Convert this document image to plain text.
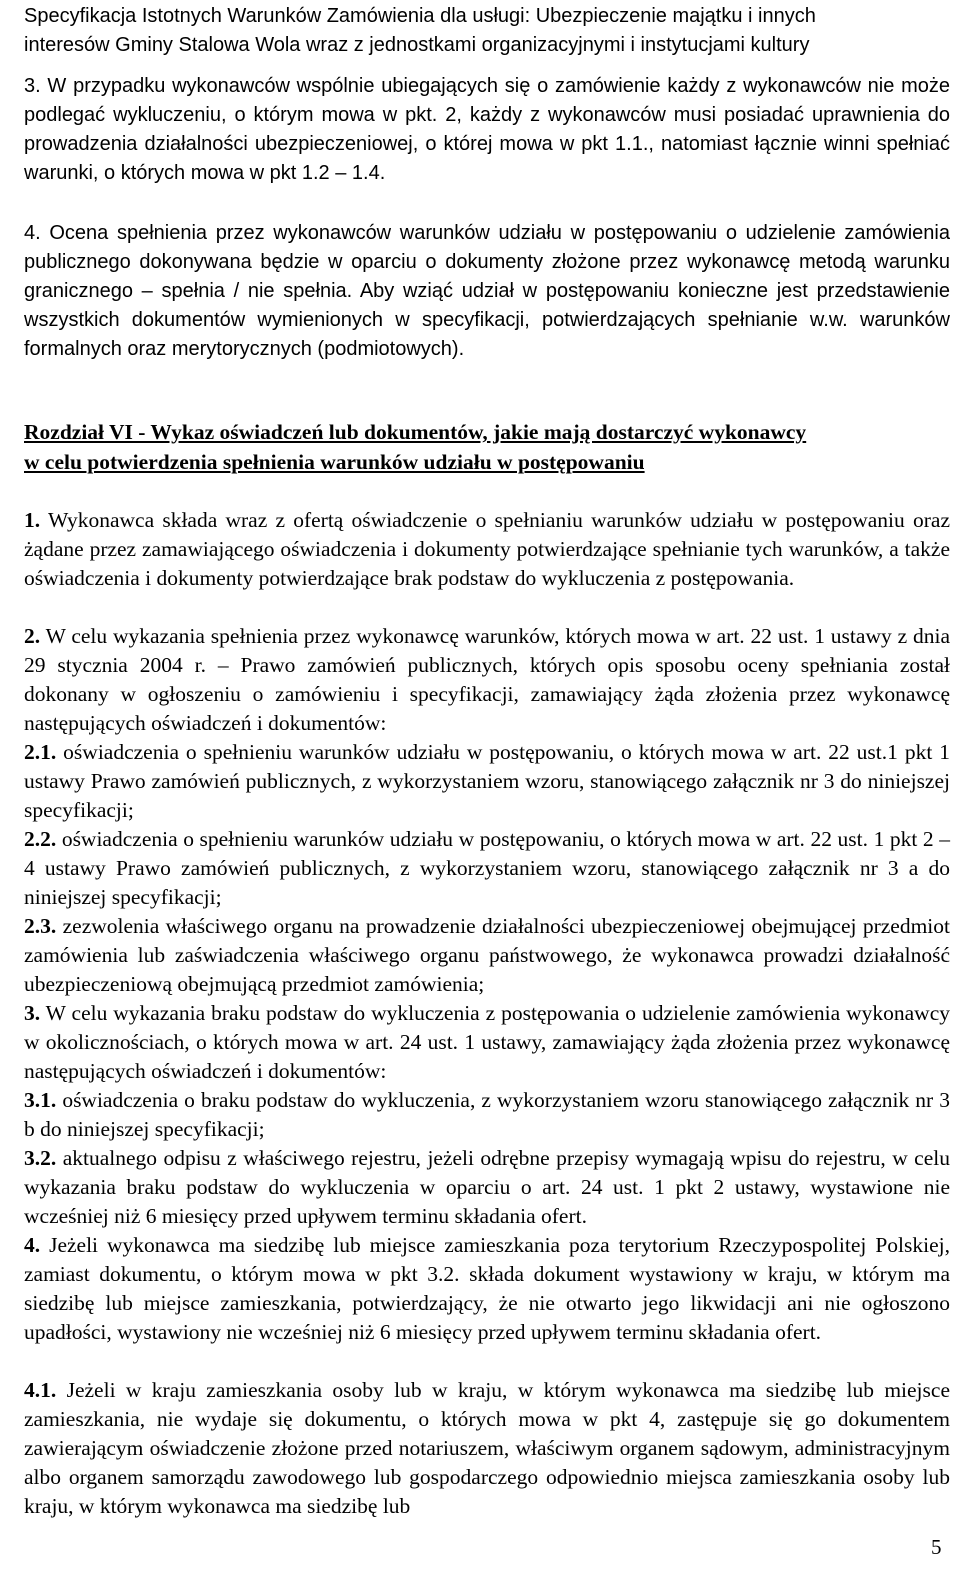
Specyfikacja Istotnych Warunków Zamówienia dla usługi: Ubezpieczenie majątku i innych
interesów Gminy Stalowa Wola wraz z jednostkami organizacyjnymi i instytucjami kultury

3. W przypadku wykonawców wspólnie ubiegających się o zamówienie każdy z wykonawców nie może podlegać wykluczeniu, o którym mowa w pkt. 2, każdy z wykonawców musi posiadać uprawnienia do prowadzenia działalności ubezpieczeniowej, o której mowa w pkt 1.1., natomiast łącznie winni spełniać warunki, o których mowa w pkt 1.2 – 1.4.

4. Ocena spełnienia przez wykonawców warunków udziału w postępowaniu o udzielenie zamówienia publicznego dokonywana będzie w oparciu o dokumenty złożone przez wykonawcę metodą warunku granicznego – spełnia / nie spełnia. Aby wziąć udział w postępowaniu konieczne jest przedstawienie wszystkich dokumentów wymienionych w specyfikacji, potwierdzających spełnianie w.w. warunków formalnych oraz merytorycznych (podmiotowych).

Rozdział VI - Wykaz oświadczeń lub dokumentów, jakie mają dostarczyć wykonawcy
w celu potwierdzenia spełnienia warunków udziału w postępowaniu

1. Wykonawca składa wraz z ofertą oświadczenie o spełnianiu warunków udziału w postępowaniu oraz żądane przez zamawiającego oświadczenia i dokumenty potwierdzające spełnianie tych warunków, a także oświadczenia i dokumenty potwierdzające brak podstaw do wykluczenia z postępowania.

2. W celu wykazania spełnienia przez wykonawcę warunków, których mowa w art. 22 ust. 1 ustawy z dnia 29 stycznia 2004 r. – Prawo zamówień publicznych, których opis sposobu oceny spełniania został dokonany w ogłoszeniu o zamówieniu i specyfikacji, zamawiający żąda złożenia przez wykonawcę następujących oświadczeń i dokumentów:

2.1. oświadczenia o spełnieniu warunków udziału w postępowaniu, o których mowa w art. 22 ust.1 pkt 1 ustawy Prawo zamówień publicznych, z wykorzystaniem wzoru, stanowiącego załącznik nr 3 do niniejszej specyfikacji;

2.2. oświadczenia o spełnieniu warunków udziału w postępowaniu, o których mowa w art. 22 ust. 1 pkt 2 – 4 ustawy Prawo zamówień publicznych, z wykorzystaniem wzoru, stanowiącego załącznik nr 3 a do niniejszej specyfikacji;

2.3. zezwolenia właściwego organu na prowadzenie działalności ubezpieczeniowej obejmującej przedmiot zamówienia lub zaświadczenia właściwego organu państwowego, że wykonawca prowadzi działalność ubezpieczeniową obejmującą przedmiot zamówienia;

3. W celu wykazania braku podstaw do wykluczenia z postępowania o udzielenie zamówienia wykonawcy w okolicznościach, o których mowa w art. 24 ust. 1 ustawy, zamawiający żąda złożenia przez wykonawcę następujących oświadczeń i dokumentów:

3.1. oświadczenia o braku podstaw do wykluczenia, z wykorzystaniem wzoru stanowiącego załącznik nr 3 b do niniejszej specyfikacji;

3.2. aktualnego odpisu z właściwego rejestru, jeżeli odrębne przepisy wymagają wpisu do rejestru, w celu wykazania braku podstaw do wykluczenia w oparciu o art. 24 ust. 1 pkt 2 ustawy, wystawione nie wcześniej niż 6 miesięcy przed upływem terminu składania ofert.

4. Jeżeli wykonawca ma siedzibę lub miejsce zamieszkania poza terytorium Rzeczypospolitej Polskiej, zamiast dokumentu, o którym mowa w pkt 3.2. składa dokument wystawiony w kraju, w którym ma siedzibę lub miejsce zamieszkania, potwierdzający, że nie otwarto jego likwidacji ani nie ogłoszono upadłości, wystawiony nie wcześniej niż 6 miesięcy przed upływem terminu składania ofert.

4.1. Jeżeli w kraju zamieszkania osoby lub w kraju, w którym wykonawca ma siedzibę lub miejsce zamieszkania, nie wydaje się dokumentu, o których mowa w pkt 4, zastępuje się go dokumentem zawierającym oświadczenie złożone przed notariuszem, właściwym organem sądowym, administracyjnym albo organem samorządu zawodowego lub gospodarczego odpowiednio miejsca zamieszkania osoby lub kraju, w którym wykonawca ma siedzibę lub

5
